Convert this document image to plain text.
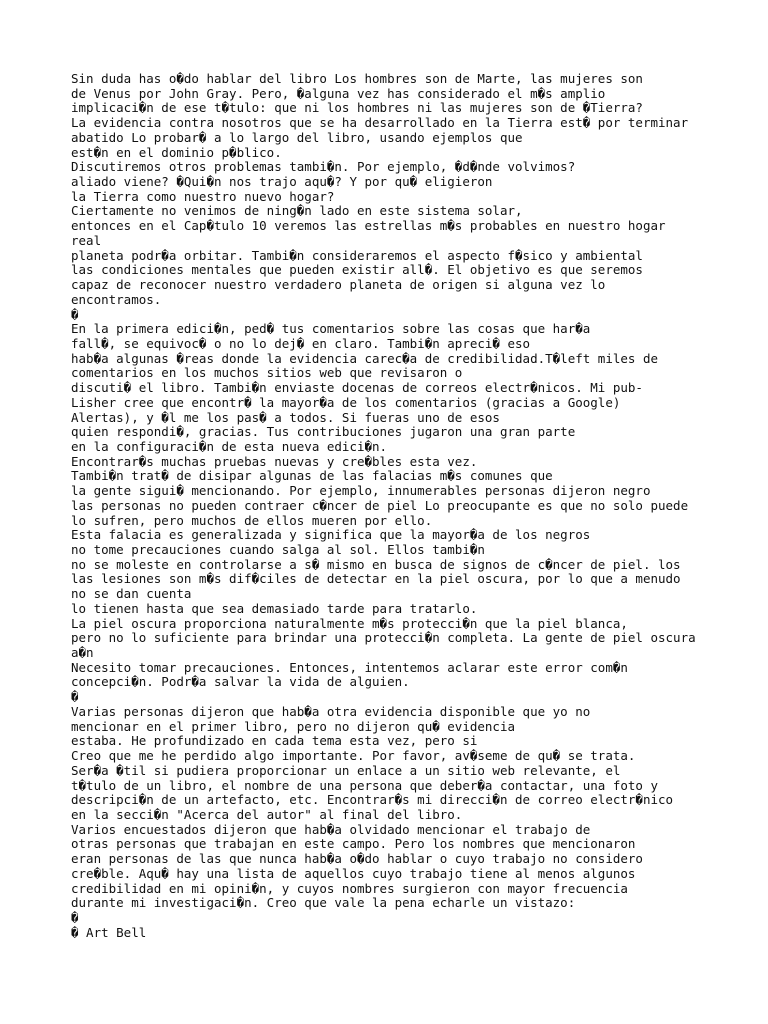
Sin duda has o�do hablar del libro Los hombres son de Marte, las mujeres son
de Venus por John Gray. Pero, �alguna vez has considerado el m�s amplio
implicaci�n de ese t�tulo: que ni los hombres ni las mujeres son de �Tierra?
La evidencia contra nosotros que se ha desarrollado en la Tierra est� por terminar
abatido Lo probar� a lo largo del libro, usando ejemplos que
est�n en el dominio p�blico.
Discutiremos otros problemas tambi�n. Por ejemplo, �d�nde volvimos?
aliado viene? �Qui�n nos trajo aqu�? Y por qu� eligieron
la Tierra como nuestro nuevo hogar?
Ciertamente no venimos de ning�n lado en este sistema solar,
entonces en el Cap�tulo 10 veremos las estrellas m�s probables en nuestro hogar
real
planeta podr�a orbitar. Tambi�n consideraremos el aspecto f�sico y ambiental
las condiciones mentales que pueden existir all�. El objetivo es que seremos
capaz de reconocer nuestro verdadero planeta de origen si alguna vez lo
encontramos.
�
En la primera edici�n, ped� tus comentarios sobre las cosas que har�a
fall�, se equivoc� o no lo dej� en claro. Tambi�n apreci� eso
hab�a algunas �reas donde la evidencia carec�a de credibilidad.T�left miles de
comentarios en los muchos sitios web que revisaron o
discuti� el libro. Tambi�n enviaste docenas de correos electr�nicos. Mi pub-
Lisher cree que encontr� la mayor�a de los comentarios (gracias a Google)
Alertas), y �l me los pas� a todos. Si fueras uno de esos
quien respondi�, gracias. Tus contribuciones jugaron una gran parte
en la configuraci�n de esta nueva edici�n.
Encontrar�s muchas pruebas nuevas y cre�bles esta vez.
Tambi�n trat� de disipar algunas de las falacias m�s comunes que
la gente sigui� mencionando. Por ejemplo, innumerables personas dijeron negro
las personas no pueden contraer c�ncer de piel Lo preocupante es que no solo puede
lo sufren, pero muchos de ellos mueren por ello.
Esta falacia es generalizada y significa que la mayor�a de los negros
no tome precauciones cuando salga al sol. Ellos tambi�n
no se moleste en controlarse a s� mismo en busca de signos de c�ncer de piel. los
las lesiones son m�s dif�ciles de detectar en la piel oscura, por lo que a menudo
no se dan cuenta
lo tienen hasta que sea demasiado tarde para tratarlo.
La piel oscura proporciona naturalmente m�s protecci�n que la piel blanca,
pero no lo suficiente para brindar una protecci�n completa. La gente de piel oscura
a�n
Necesito tomar precauciones. Entonces, intentemos aclarar este error com�n
concepci�n. Podr�a salvar la vida de alguien.
�
Varias personas dijeron que hab�a otra evidencia disponible que yo no
mencionar en el primer libro, pero no dijeron qu� evidencia
estaba. He profundizado en cada tema esta vez, pero si
Creo que me he perdido algo importante. Por favor, av�seme de qu� se trata.
Ser�a �til si pudiera proporcionar un enlace a un sitio web relevante, el
t�tulo de un libro, el nombre de una persona que deber�a contactar, una foto y
descripci�n de un artefacto, etc. Encontrar�s mi direcci�n de correo electr�nico
en la secci�n "Acerca del autor" al final del libro.
Varios encuestados dijeron que hab�a olvidado mencionar el trabajo de
otras personas que trabajan en este campo. Pero los nombres que mencionaron
eran personas de las que nunca hab�a o�do hablar o cuyo trabajo no considero
cre�ble. Aqu� hay una lista de aquellos cuyo trabajo tiene al menos algunos
credibilidad en mi opini�n, y cuyos nombres surgieron con mayor frecuencia
durante mi investigaci�n. Creo que vale la pena echarle un vistazo:
�
� Art Bell
